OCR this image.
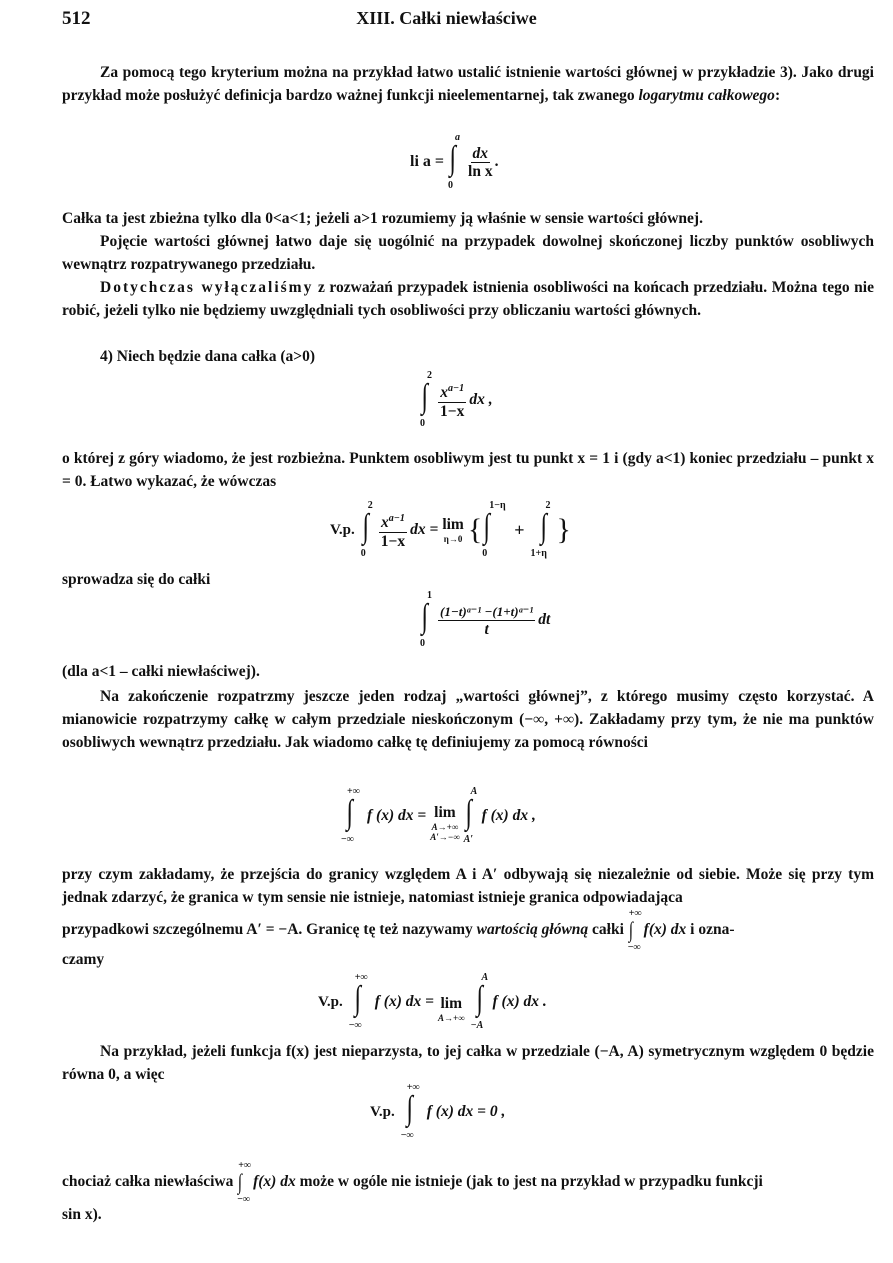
512	XIII. Całki niewłaściwe
Za pomocą tego kryterium można na przykład łatwo ustalić istnienie wartości głównej w przykładzie 3). Jako drugi przykład może posłużyć definicja bardzo ważnej funkcji nieelementarnej, tak zwanego logarytmu całkowego:
li a = ∫
a
0
$\frac{dx}{\text{ln x}}$ .
Całka ta jest zbieżna tylko dla 0<a<1; jeżeli a>1 rozumiemy ją właśnie w sensie wartości głównej.
Pojęcie wartości głównej łatwo daje się uogólnić na przypadek dowolnej skończonej liczby punktów osobliwych wewnątrz rozpatrywanego przedziału.
Dotychczas wyłączaliśmy z rozważań przypadek istnienia osobliwości na końcach przedziału. Można tego nie robić, jeżeli tylko nie będziemy uwzględniali tych osobliwości przy obliczaniu wartości głównych.
4) Niech będzie dana całka (a>0)
∫
2
0
$\frac{x^{a-1}}{1-x}$ dx ,
o której z góry wiadomo, że jest rozbieżna. Punktem osobliwym jest tu punkt x = 1 i (gdy a<1) koniec przedziału – punkt x = 0. Łatwo wykazać, że wówczas
V.p. ∫
2
0
$\frac{x^{a-1}}{1-x}$ dx = lim
η→0 { ∫
1−η
0
+ ∫
2
1+η
}
sprowadza się do całki
∫
1
0
$\frac{\text{(1−t)ᵃ⁻¹ −(1+t)ᵃ⁻¹}}{t}$ dt
(dla a<1 – całki niewłaściwej).
Na zakończenie rozpatrzmy jeszcze jeden rodzaj „wartości głównej”, z którego musimy często korzystać. A mianowicie rozpatrzymy całkę w całym przedziale nieskończonym (−∞, +∞). Zakładamy przy tym, że nie ma punktów osobliwych wewnątrz przedziału. Jak wiadomo całkę tę definiujemy za pomocą równości
∫
+∞
−∞
f (x) dx = lim
A→+∞
A′→−∞
∫
A
A′
f (x) dx ,
przy czym zakładamy, że przejścia do granicy względem A i A′ odbywają się niezależnie od siebie. Może się przy tym jednak zdarzyć, że granica w tym sensie nie istnieje, natomiast istnieje granica odpowiadająca
przypadkowi szczególnemu A′ = −A. Granicę tę też nazywamy wartością główną całki ∫
+∞
−∞
f(x) dx i ozna-
czamy
V.p. ∫
+∞
−∞
f (x) dx = lim
A→+∞
∫
A
−A
f (x) dx .
Na przykład, jeżeli funkcja f(x) jest nieparzysta, to jej całka w przedziale (−A, A) symetrycznym względem 0 będzie równa 0, a więc
V.p. ∫
+∞
−∞
f (x) dx = 0 ,
chociaż całka niewłaściwa ∫
+∞
−∞
f(x) dx może w ogóle nie istnieje (jak to jest na przykład w przypadku funkcji
sin x).
